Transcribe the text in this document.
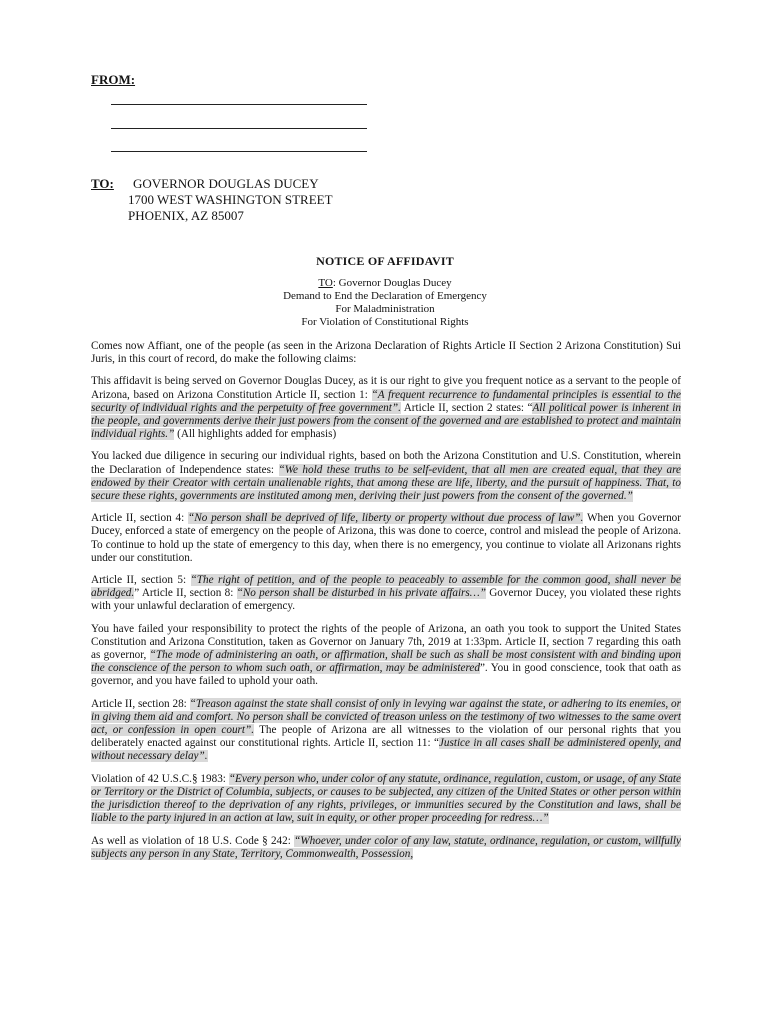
FROM:
TO: GOVERNOR DOUGLAS DUCEY
1700 WEST WASHINGTON STREET
PHOENIX, AZ 85007
NOTICE OF AFFIDAVIT
TO: Governor Douglas Ducey
Demand to End the Declaration of Emergency
For Maladministration
For Violation of Constitutional Rights

Comes now Affiant, one of the people (as seen in the Arizona Declaration of Rights Article II Section 2 Arizona Constitution) Sui Juris, in this court of record, do make the following claims:

This affidavit is being served on Governor Douglas Ducey, as it is our right to give you frequent notice as a servant to the people of Arizona, based on Arizona Constitution Article II, section 1: “A frequent recurrence to fundamental principles is essential to the security of individual rights and the perpetuity of free government”. Article II, section 2 states: “All political power is inherent in the people, and governments derive their just powers from the consent of the governed and are established to protect and maintain individual rights.” (All highlights added for emphasis)

You lacked due diligence in securing our individual rights, based on both the Arizona Constitution and U.S. Constitution, wherein the Declaration of Independence states: “We hold these truths to be self-evident, that all men are created equal, that they are endowed by their Creator with certain unalienable rights, that among these are life, liberty, and the pursuit of happiness. That, to secure these rights, governments are instituted among men, deriving their just powers from the consent of the governed.”

Article II, section 4: “No person shall be deprived of life, liberty or property without due process of law”. When you Governor Ducey, enforced a state of emergency on the people of Arizona, this was done to coerce, control and mislead the people of Arizona. To continue to hold up the state of emergency to this day, when there is no emergency, you continue to violate all Arizonans rights under our constitution.

Article II, section 5: “The right of petition, and of the people to peaceably to assemble for the common good, shall never be abridged.” Article II, section 8: “No person shall be disturbed in his private affairs…” Governor Ducey, you violated these rights with your unlawful declaration of emergency.

You have failed your responsibility to protect the rights of the people of Arizona, an oath you took to support the United States Constitution and Arizona Constitution, taken as Governor on January 7th, 2019 at 1:33pm. Article II, section 7 regarding this oath as governor, “The mode of administering an oath, or affirmation, shall be such as shall be most consistent with and binding upon the conscience of the person to whom such oath, or affirmation, may be administered”. You in good conscience, took that oath as governor, and you have failed to uphold your oath.

Article II, section 28: “Treason against the state shall consist of only in levying war against the state, or adhering to its enemies, or in giving them aid and comfort. No person shall be convicted of treason unless on the testimony of two witnesses to the same overt act, or confession in open court”. The people of Arizona are all witnesses to the violation of our personal rights that you deliberately enacted against our constitutional rights. Article II, section 11: “Justice in all cases shall be administered openly, and without necessary delay”.

Violation of 42 U.S.C.§ 1983: “Every person who, under color of any statute, ordinance, regulation, custom, or usage, of any State or Territory or the District of Columbia, subjects, or causes to be subjected, any citizen of the United States or other person within the jurisdiction thereof to the deprivation of any rights, privileges, or immunities secured by the Constitution and laws, shall be liable to the party injured in an action at law, suit in equity, or other proper proceeding for redress…”

As well as violation of 18 U.S. Code § 242: “Whoever, under color of any law, statute, ordinance, regulation, or custom, willfully subjects any person in any State, Territory, Commonwealth, Possession,
